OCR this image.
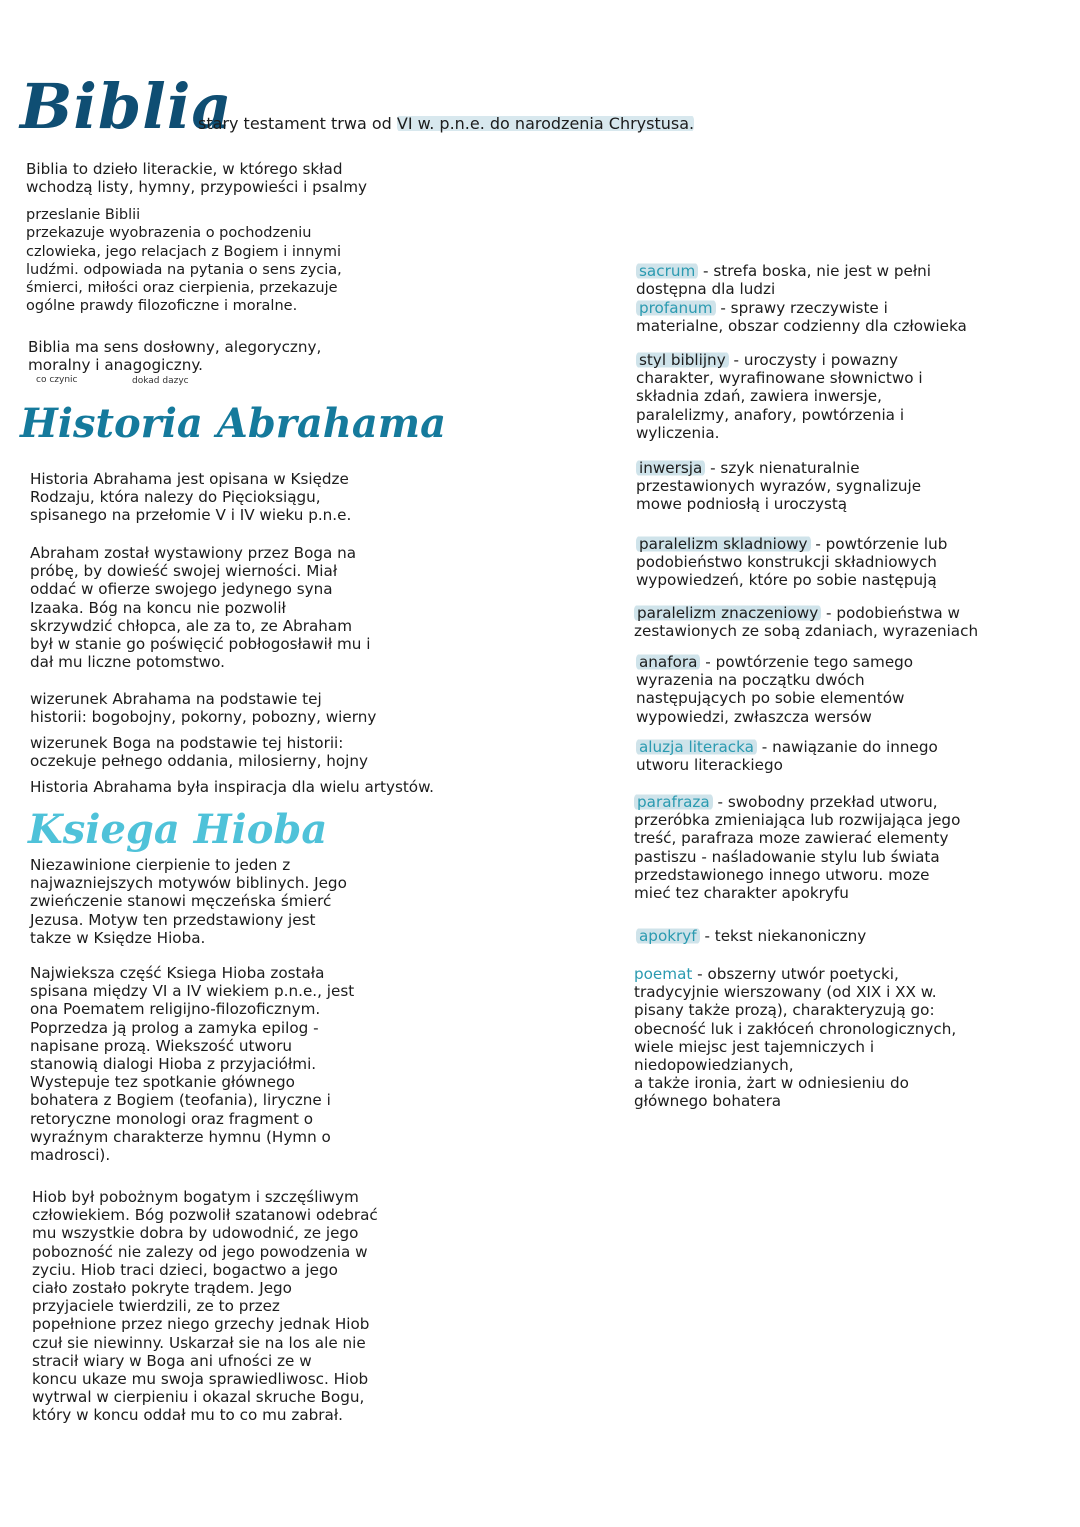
Biblia
stary testament trwa od VI w. p.n.e. do narodzenia Chrystusa.
Biblia to dzieło literackie, w którego skład
wchodzą listy, hymny, przypowieści i psalmy
przeslanie Biblii
przekazuje wyobrazenia o pochodzeniu
czlowieka, jego relacjach z Bogiem i innymi
ludźmi. odpowiada na pytania o sens zycia,
śmierci, miłości oraz cierpienia, przekazuje
ogólne prawdy filozoficzne i moralne.
Biblia ma sens dosłowny, alegoryczny,
moralny i anagogiczny.
co czynic	dokad dazyc
Historia Abrahama
Historia Abrahama jest opisana w Księdze
Rodzaju, która nalezy do Pięcioksiągu,
spisanego na przełomie V i IV wieku p.n.e.
Abraham został wystawiony przez Boga na
próbę, by dowieść swojej wierności. Miał
oddać w ofierze swojego jedynego syna
Izaaka. Bóg na koncu nie pozwolił
skrzywdzić chłopca, ale za to, ze Abraham
był w stanie go poświęcić pobłogosławił mu i
dał mu liczne potomstwo.
wizerunek Abrahama na podstawie tej
historii: bogobojny, pokorny, pobozny, wierny
wizerunek Boga na podstawie tej historii:
oczekuje pełnego oddania, milosierny, hojny
Historia Abrahama była inspiracja dla wielu artystów.
Ksiega Hioba
Niezawinione cierpienie to jeden z
najwazniejszych motywów biblinych. Jego
zwieńczenie stanowi męczeńska śmierć
Jezusa. Motyw ten przedstawiony jest
takze w Księdze Hioba.
Najwieksza część Ksiega Hioba została
spisana między VI a IV wiekiem p.n.e., jest
ona Poematem religijno-filozoficznym.
Poprzedza ją prolog a zamyka epilog -
napisane prozą. Wiekszość utworu
stanowią dialogi Hioba z przyjaciółmi.
Wystepuje tez spotkanie głównego
bohatera z Bogiem (teofania), liryczne i
retoryczne monologi oraz fragment o
wyraźnym charakterze hymnu (Hymn o
madrosci).
Hiob był pobożnym bogatym i szczęśliwym
człowiekiem. Bóg pozwolił szatanowi odebrać
mu wszystkie dobra by udowodnić, ze jego
pobozność nie zalezy od jego powodzenia w
zyciu. Hiob traci dzieci, bogactwo a jego
ciało zostało pokryte trądem. Jego
przyjaciele twierdzili, ze to przez
popełnione przez niego grzechy jednak Hiob
czuł sie niewinny. Uskarzał sie na los ale nie
stracił wiary w Boga ani ufności ze w
koncu ukaze mu swoja sprawiedliwosc. Hiob
wytrwal w cierpieniu i okazal skruche Bogu,
który w koncu oddał mu to co mu zabrał.
sacrum - strefa boska, nie jest w pełni
dostępna dla ludzi
profanum - sprawy rzeczywiste i
materialne, obszar codzienny dla człowieka
styl biblijny - uroczysty i powazny
charakter, wyrafinowane słownictwo i
składnia zdań, zawiera inwersje,
paralelizmy, anafory, powtórzenia i
wyliczenia.
inwersja - szyk nienaturalnie
przestawionych wyrazów, sygnalizuje
mowe podniosłą i uroczystą
paralelizm skladniowy - powtórzenie lub
podobieństwo konstrukcji składniowych
wypowiedzeń, które po sobie następują
paralelizm znaczeniowy - podobieństwa w
zestawionych ze sobą zdaniach, wyrazeniach
anafora - powtórzenie tego samego
wyrazenia na początku dwóch
następujących po sobie elementów
wypowiedzi, zwłaszcza wersów
aluzja literacka - nawiązanie do innego
utworu literackiego
parafraza - swobodny przekład utworu,
przeróbka zmieniająca lub rozwijająca jego
treść, parafraza moze zawierać elementy
pastiszu - naśladowanie stylu lub świata
przedstawionego innego utworu. moze
mieć tez charakter apokryfu
apokryf - tekst niekanoniczny
poemat - obszerny utwór poetycki,
tradycyjnie wierszowany (od XIX i XX w.
pisany także prozą), charakteryzują go:
obecność luk i zakłóceń chronologicznych,
wiele miejsc jest tajemniczych i
niedopowiedzianych,
a także ironia, żart w odniesieniu do
głównego bohatera
